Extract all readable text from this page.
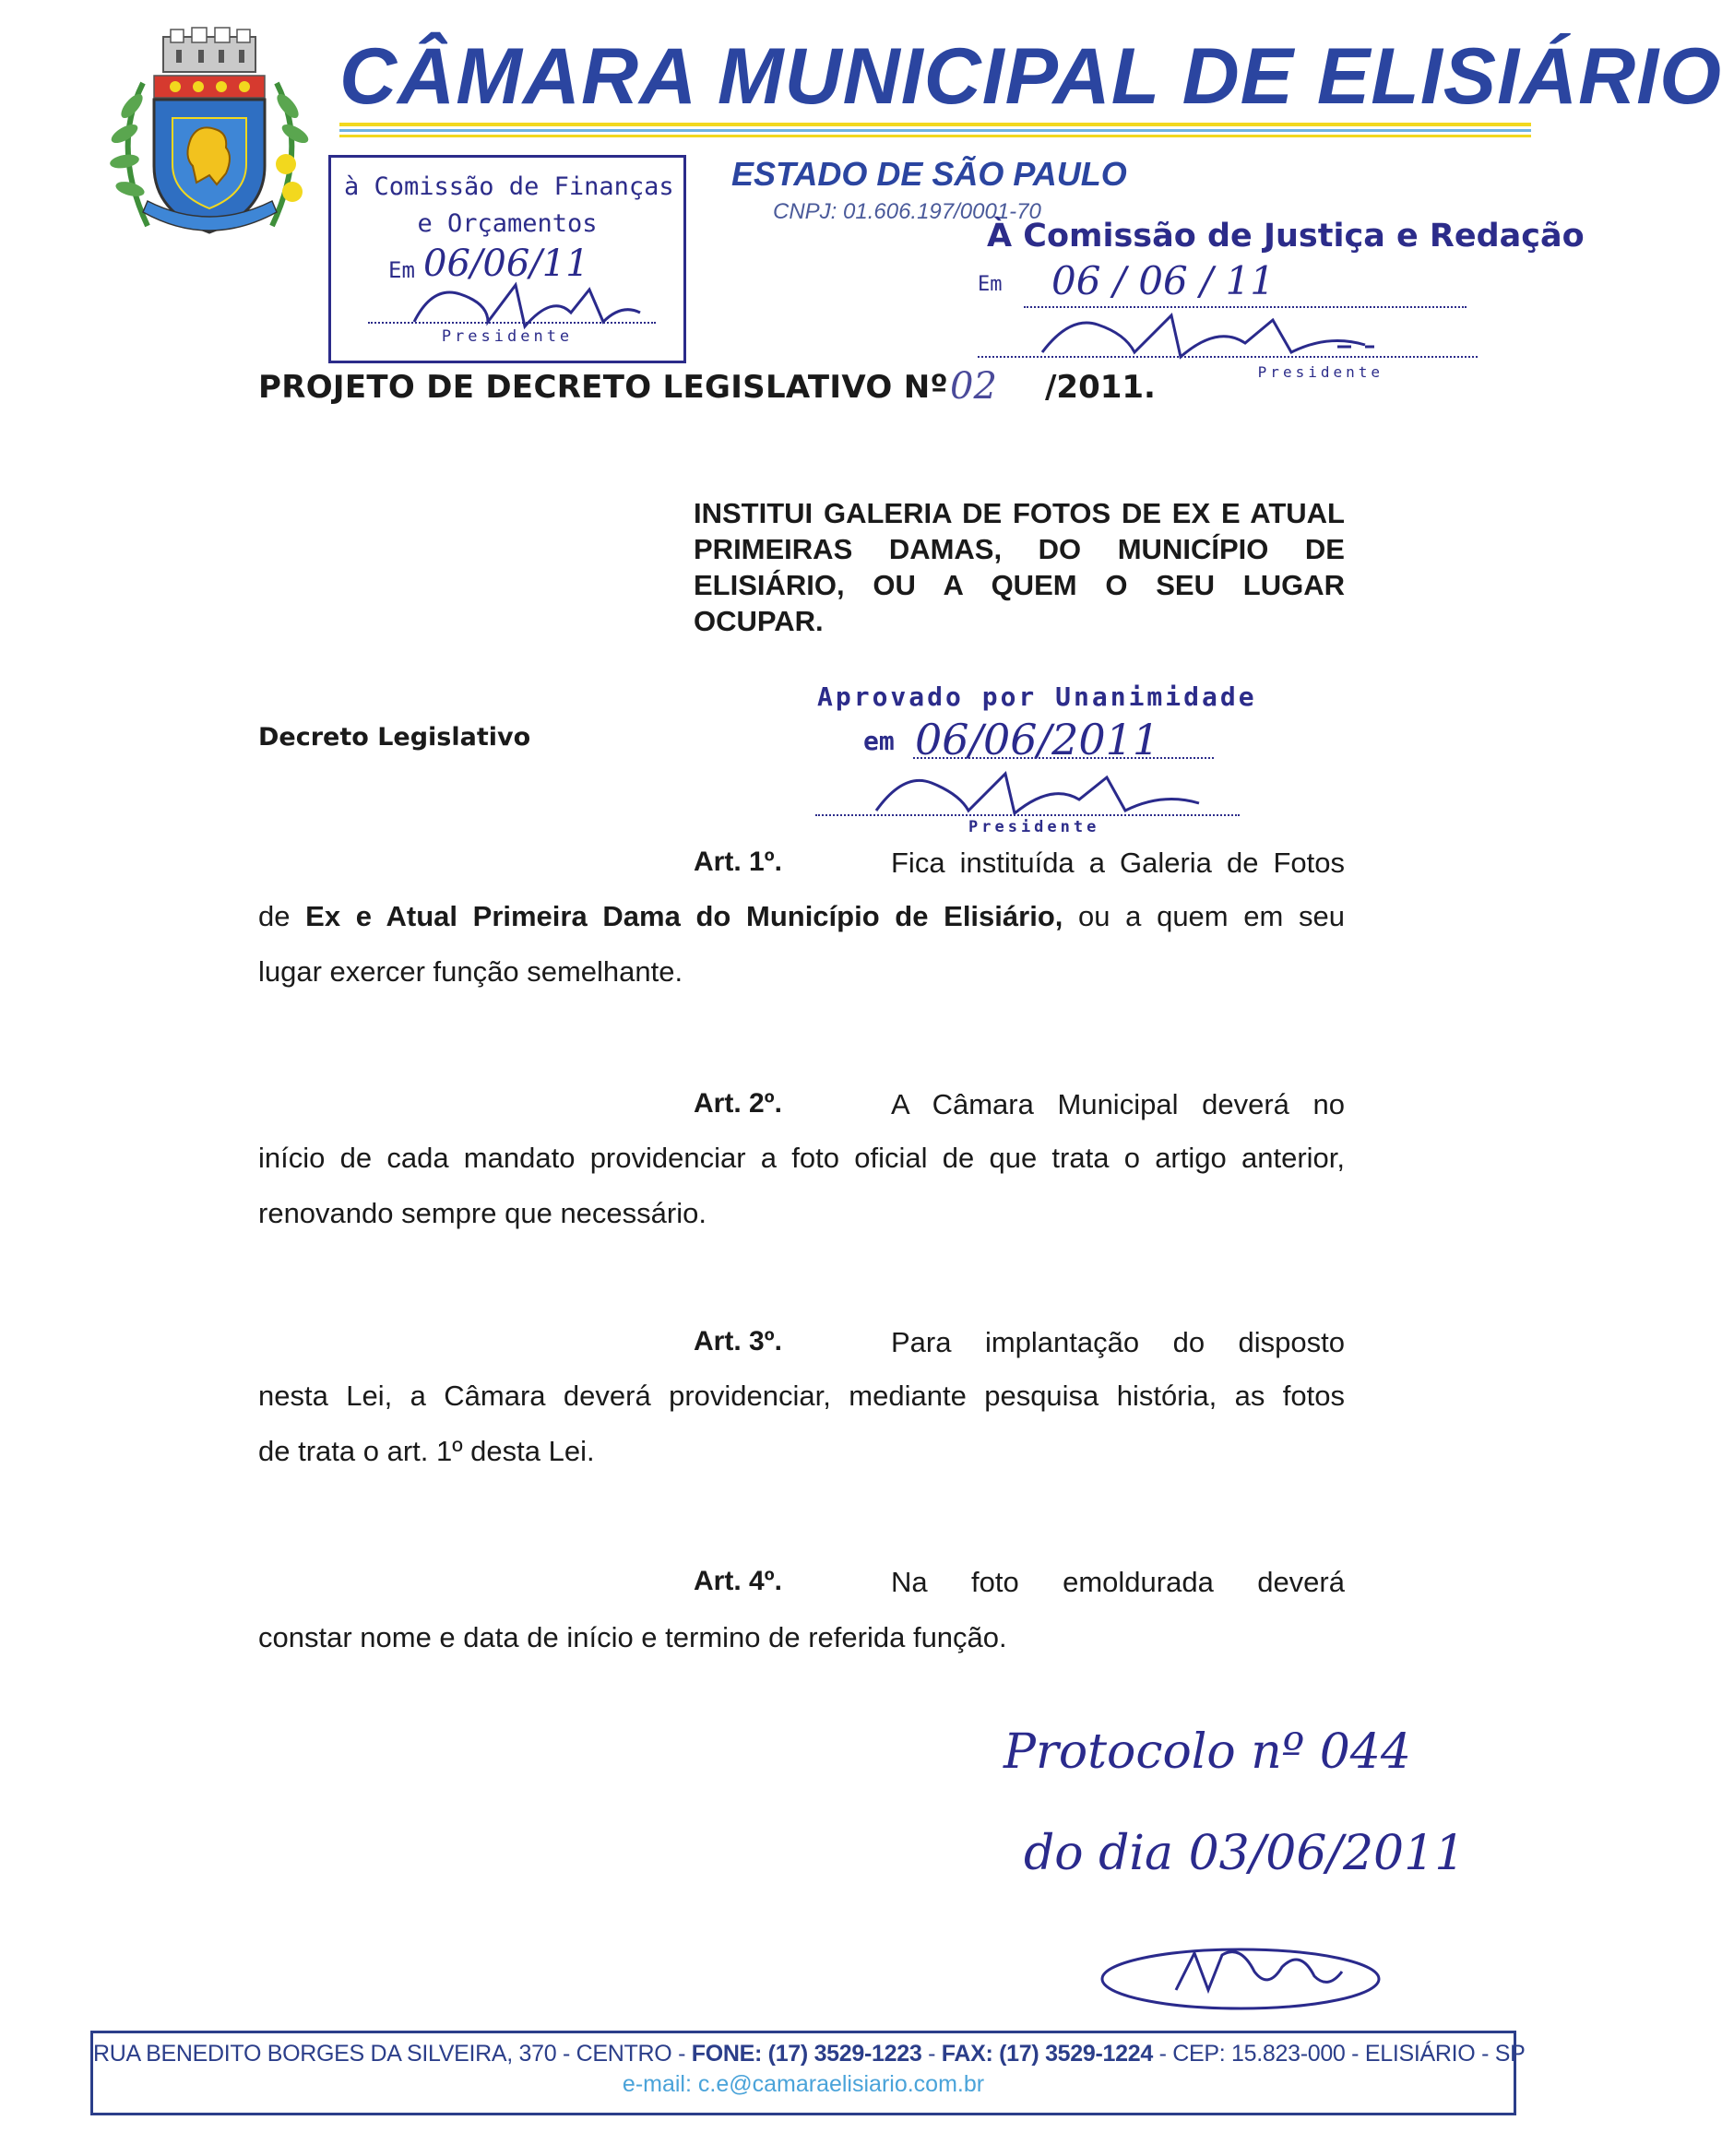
CÂMARA MUNICIPAL DE ELISIÁRIO
ESTADO DE SÃO PAULO
CNPJ: 01.606.197/0001-70
à Comissão de Finanças
e Orçamentos
Em 06/06/11
Presidente
À Comissão de Justiça e Redação
Em 06 / 06 / 11
Presidente
PROJETO DE DECRETO LEGISLATIVO Nº 02 /2011.
INSTITUI GALERIA DE FOTOS DE EX E ATUAL PRIMEIRAS DAMAS, DO MUNICÍPIO DE ELISIÁRIO, OU A QUEM O SEU LUGAR OCUPAR.
Decreto Legislativo
Aprovado por Unanimidade
em 06/06/2011
Presidente
Art. 1º.	Fica instituída a Galeria de Fotos
de Ex e Atual Primeira Dama do Município de Elisiário, ou a quem em seu
lugar exercer função semelhante.
Art. 2º.	A Câmara Municipal deverá no
início de cada mandato providenciar a foto oficial de que trata o artigo anterior,
renovando sempre que necessário.
Art. 3º.	Para implantação do disposto
nesta Lei, a Câmara deverá providenciar, mediante pesquisa história, as fotos
de trata o art. 1º desta Lei.
Art. 4º.	Na foto emoldurada deverá
constar nome e data de início e termino de referida função.
Protocolo nº 044
do dia 03/06/2011
RUA BENEDITO BORGES DA SILVEIRA, 370 - CENTRO - FONE: (17) 3529-1223 - FAX: (17) 3529-1224 - CEP: 15.823-000 - ELISIÁRIO - SP
e-mail: c.e@camaraelisiario.com.br
